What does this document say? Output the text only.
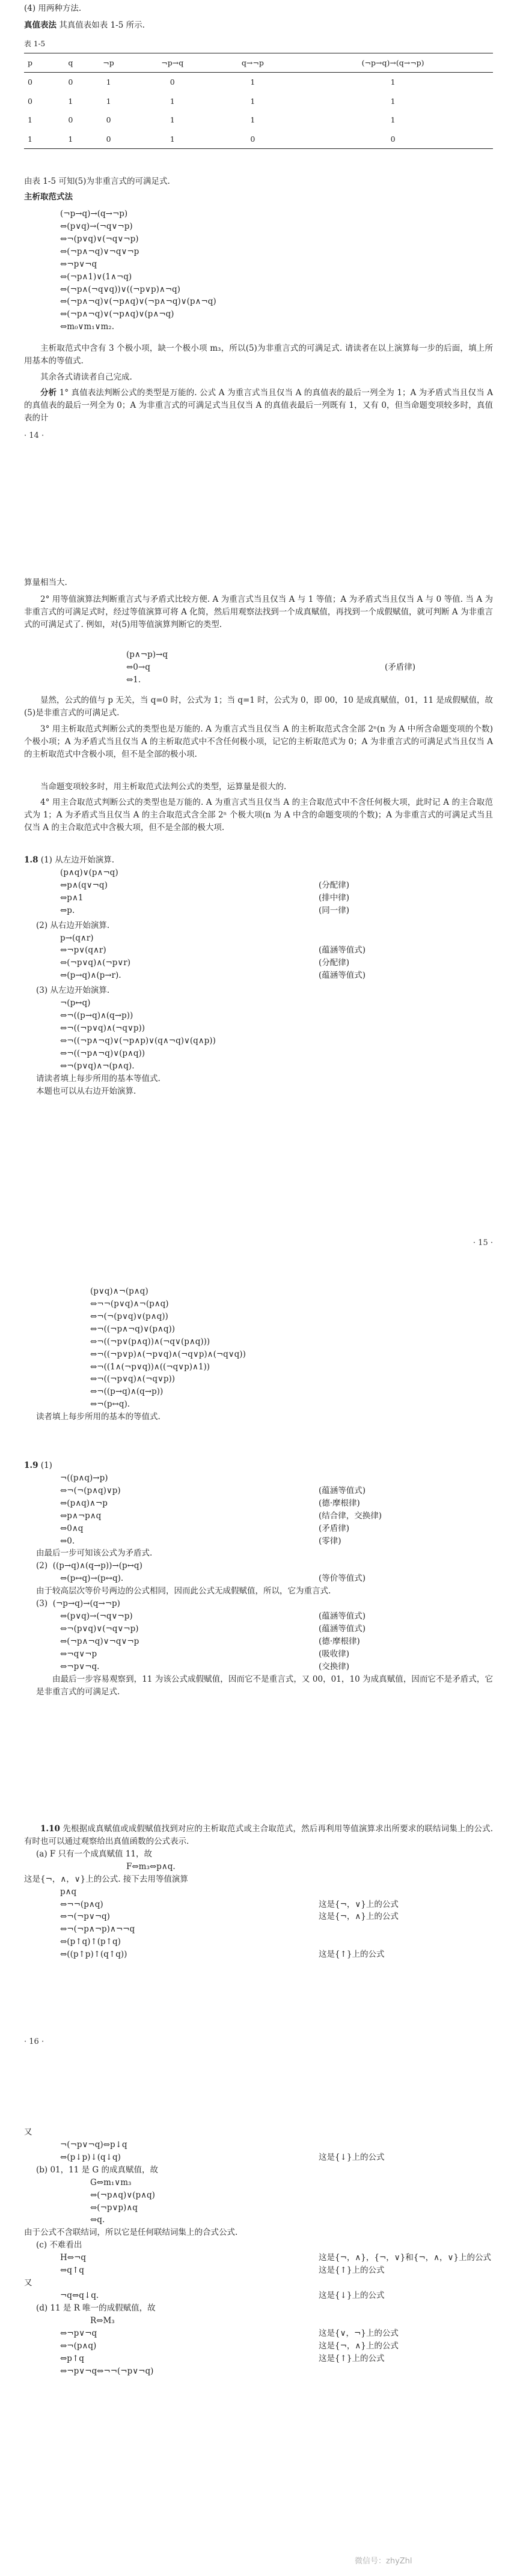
(4) 用两种方法.
真值表法 其真值表如表 1-5 所示.
表 1-5
p	q	¬p	¬p→q	q→¬p	(¬p→q)→(q→¬p)
0	0	1	0	1	1
0	1	1	1	1	1
1	0	0	1	1	1
1	1	0	1	0	0
由表 1-5 可知(5)为非重言式的可满足式.
主析取范式法
(¬p→q)→(q→¬p)
⇔(p∨q)→(¬q∨¬p)
⇔¬(p∨q)∨(¬q∨¬p)
⇔(¬p∧¬q)∨¬q∨¬p
⇔¬p∨¬q
⇔(¬p∧1)∨(1∧¬q)
⇔(¬p∧(¬q∨q))∨((¬p∨p)∧¬q)
⇔(¬p∧¬q)∨(¬p∧q)∨(¬p∧¬q)∨(p∧¬q)
⇔(¬p∧¬q)∨(¬p∧q)∨(p∧¬q)
⇔m₀∨m₁∨m₂.
主析取范式中含有 3 个极小项，缺一个极小项 m₃，所以(5)为非重言式的可满足式. 请读者在以上演算每一步的后面，填上所用基本的等值式.
其余各式请读者自己完成.
分析 1° 真值表法判断公式的类型是万能的. 公式 A 为重言式当且仅当 A 的真值表的最后一列全为 1；A 为矛盾式当且仅当 A 的真值表的最后一列全为 0；A 为非重言式的可满足式当且仅当 A 的真值表最后一列既有 1，又有 0，但当命题变项较多时，真值表的计
· 14 ·
算量相当大.
2° 用等值演算法判断重言式与矛盾式比较方便. A 为重言式当且仅当 A 与 1 等值；A 为矛盾式当且仅当 A 与 0 等值. 当 A 为非重言式的可满足式时，经过等值演算可将 A 化简，然后用观察法找到一个成真赋值，再找到一个成假赋值，就可判断 A 为非重言式的可满足式了. 例如，对(5)用等值演算判断它的类型.
(p∧¬p)→q
⇔0→q	(矛盾律)
⇔1.
显然，公式的值与 p 无关，当 q=0 时，公式为 1；当 q=1 时，公式为 0，即 00，10 是成真赋值，01，11 是成假赋值，故(5)是非重言式的可满足式.
3° 用主析取范式判断公式的类型也是万能的. A 为重言式当且仅当 A 的主析取范式含全部 2ⁿ(n 为 A 中所含命题变项的个数)个极小项；A 为矛盾式当且仅当 A 的主析取范式中不含任何极小项，记它的主析取范式为 0；A 为非重言式的可满足式当且仅当 A 的主析取范式中含极小项，但不是全部的极小项.
当命题变项较多时，用主析取范式法判公式的类型，运算量是很大的.
4° 用主合取范式判断公式的类型也是万能的. A 为重言式当且仅当 A 的主合取范式中不含任何极大项，此时记 A 的主合取范式为 1；A 为矛盾式当且仅当 A 的主合取范式含全部 2ⁿ 个极大项(n 为 A 中含的命题变项的个数)；A 为非重言式的可满足式当且仅当 A 的主合取范式中含极大项，但不是全部的极大项.
1.8 (1) 从左边开始演算.
(p∧q)∨(p∧¬q)
⇔p∧(q∨¬q)	(分配律)
⇔p∧1	(排中律)
⇔p.	(同一律)
(2) 从右边开始演算.
p→(q∧r)
⇔¬p∨(q∧r)	(蕴涵等值式)
⇔(¬p∨q)∧(¬p∨r)	(分配律)
⇔(p→q)∧(p→r).	(蕴涵等值式)
(3) 从左边开始演算.
¬(p↔q)
⇔¬((p→q)∧(q→p))
⇔¬((¬p∨q)∧(¬q∨p))
⇔¬((¬p∧¬q)∨(¬p∧p)∨(q∧¬q)∨(q∧p))
⇔¬((¬p∧¬q)∨(p∧q))
⇔¬(p∨q)∧¬(p∧q).
请读者填上每步所用的基本等值式.
本题也可以从右边开始演算.
· 15 ·
(p∨q)∧¬(p∧q)
⇔¬¬(p∨q)∧¬(p∧q)
⇔¬(¬(p∨q)∨(p∧q))
⇔¬((¬p∧¬q)∨(p∧q))
⇔¬((¬p∨(p∧q))∧(¬q∨(p∧q)))
⇔¬((¬p∨p)∧(¬p∨q)∧(¬q∨p)∧(¬q∨q))
⇔¬((1∧(¬p∨q))∧((¬q∨p)∧1))
⇔¬((¬p∨q)∧(¬q∨p))
⇔¬((p→q)∧(q→p))
⇔¬(p↔q).
读者填上每步所用的基本的等值式.
1.9 (1)
¬((p∧q)→p)
⇔¬(¬(p∧q)∨p)	(蕴涵等值式)
⇔(p∧q)∧¬p	(德·摩根律)
⇔p∧¬p∧q	(结合律，交换律)
⇔0∧q	(矛盾律)
⇔0.	(零律)
由最后一步可知该公式为矛盾式.
(2) ((p→q)∧(q→p))→(p↔q)
⇔(p↔q)→(p↔q).	(等价等值式)
由于较高层次等价号两边的公式相同，因而此公式无成假赋值，所以，它为重言式.
(3) (¬p→q)→(q→¬p)
⇔(p∨q)→(¬q∨¬p)	(蕴涵等值式)
⇔¬(p∨q)∨(¬q∨¬p)	(蕴涵等值式)
⇔(¬p∧¬q)∨¬q∨¬p	(德·摩根律)
⇔¬q∨¬p	(吸收律)
⇔¬p∨¬q.	(交换律)
由最后一步容易观察到，11 为该公式成假赋值，因而它不是重言式，又 00，01，10 为成真赋值，因而它不是矛盾式，它是非重言式的可满足式.
1.10 先根据成真赋值或成假赋值找到对应的主析取范式或主合取范式，然后再利用等值演算求出所要求的联结词集上的公式. 有时也可以通过观察给出真值函数的公式表示.
(a) F 只有一个成真赋值 11，故
F⇔m₃⇔p∧q.
这是{¬，∧，∨}上的公式. 接下去用等值演算
p∧q
⇔¬¬(p∧q)	这是{¬，∨}上的公式
⇔¬(¬p∨¬q)	这是{¬，∧}上的公式
⇔¬(¬p∧¬p)∧¬¬q
⇔(p↑q)↑(p↑q)
⇔((p↑p)↑(q↑q))	这是{↑}上的公式
· 16 ·
又
¬(¬p∨¬q)⇔p↓q
⇔(p↓p)↓(q↓q)	这是{↓}上的公式
(b) 01，11 是 G 的成真赋值，故
G⇔m₁∨m₃
⇔(¬p∧q)∨(p∧q)
⇔(¬p∨p)∧q
⇔q.
由于公式不含联结词，所以它是任何联结词集上的合式公式.
(c) 不难看出
H⇔¬q	这是{¬，∧}，{¬，∨}和{¬，∧，∨}上的公式
⇔q↑q	这是{↑}上的公式
又
¬q⇔q↓q.	这是{↓}上的公式
(d) 11 是 R 唯一的成假赋值，故
R⇔M₃
⇔¬p∨¬q	这是{∨，¬}上的公式
⇔¬(p∧q)	这是{¬，∧}上的公式
⇔p↑q	这是{↑}上的公式
⇔¬p∨¬q⇔¬¬(¬p∨¬q)
微信号：zhyZhl
